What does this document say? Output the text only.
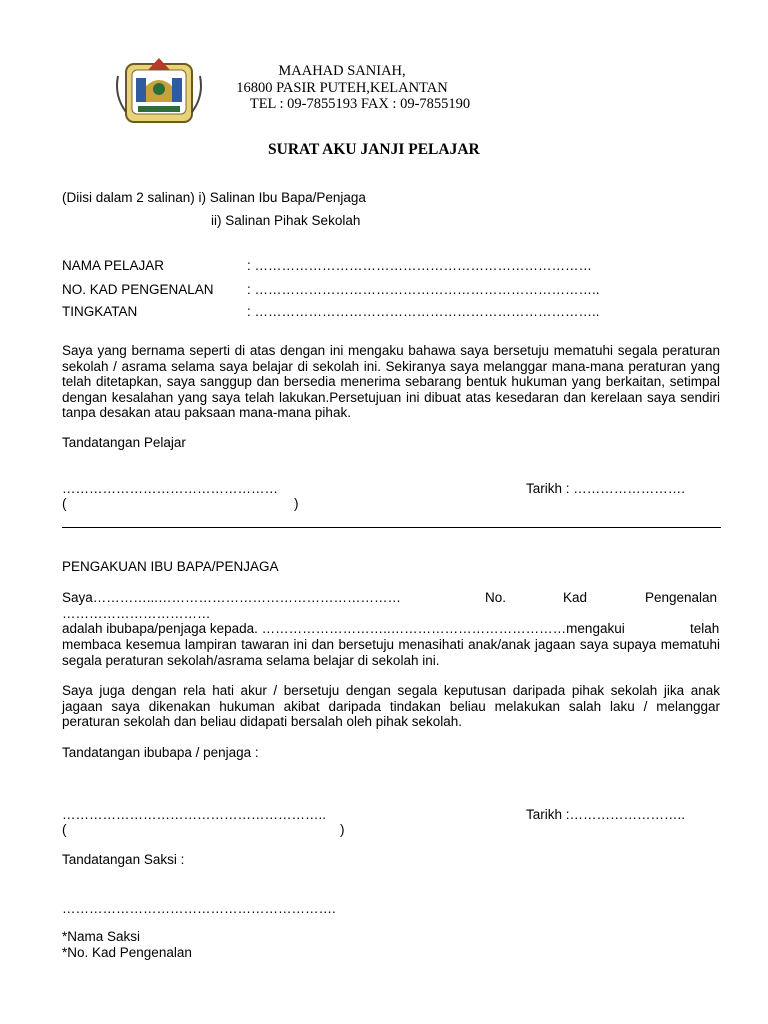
MAAHAD SANIAH,
16800 PASIR PUTEH,KELANTAN
TEL : 09-7855193 FAX : 09-7855190
SURAT AKU JANJI PELAJAR
(Diisi dalam 2 salinan) i) Salinan Ibu Bapa/Penjaga
ii) Salinan Pihak Sekolah
NAMA PELAJAR	: …………………………………………………………………
NO. KAD PENGENALAN : …………………………………………………………………..
TINGKATAN	: …………………………………………………………………..
Saya yang bernama seperti di atas dengan ini mengaku bahawa saya bersetuju mematuhi segala peraturan sekolah / asrama selama saya belajar di sekolah ini. Sekiranya saya melanggar mana-mana peraturan yang telah ditetapkan, saya sanggup dan bersedia menerima sebarang bentuk hukuman yang berkaitan, setimpal dengan kesalahan yang saya telah lakukan.Persetujuan ini dibuat atas kesedaran dan kerelaan saya sendiri tanpa desakan atau paksaan mana-mana pihak.
Tandatangan Pelajar
…………………………………………	Tarikh : …………………….
(	)
PENGAKUAN IBU BAPA/PENJAGA
Saya…………...………………………………………………	No.	Kad	Pengenalan
……………………………
adalah ibubapa/penjaga kepada. ………………………..…………………………………mengakui	telah
membaca kesemua lampiran tawaran ini dan bersetuju menasihati anak/anak jagaan saya supaya mematuhi segala peraturan sekolah/asrama selama belajar di sekolah ini.
Saya juga dengan rela hati akur / bersetuju dengan segala keputusan daripada pihak sekolah jika anak jagaan saya dikenakan hukuman akibat daripada tindakan beliau melakukan salah laku / melanggar peraturan sekolah dan beliau didapati bersalah oleh pihak sekolah.
Tandatangan ibubapa / penjaga :
…………………………………………………..	Tarikh :……………………..
(	)
Tandatangan Saksi :
…………………………………………………….
*Nama Saksi
*No. Kad Pengenalan
